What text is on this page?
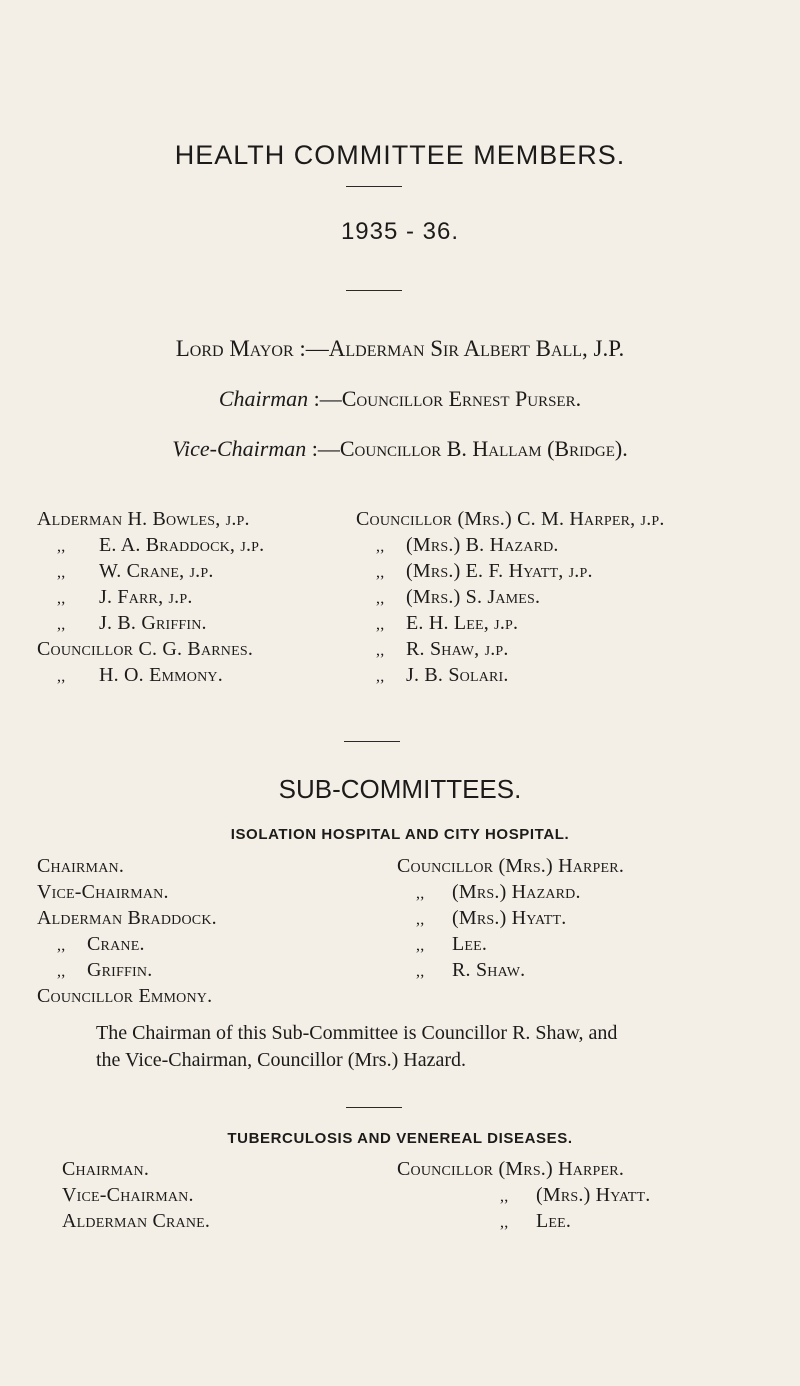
HEALTH COMMITTEE MEMBERS.
1935 - 36.
Lord Mayor :—Alderman Sir Albert Ball, J.P.
Chairman :—Councillor Ernest Purser.
Vice-Chairman :—Councillor B. Hallam (Bridge).
Alderman H. Bowles, j.p.
,, E. A. Braddock, j.p.
,, W. Crane, j.p.
,, J. Farr, j.p.
,, J. B. Griffin.
Councillor C. G. Barnes.
,, H. O. Emmony.
Councillor (Mrs.) C. M. Harper, j.p.
,, (Mrs.) B. Hazard.
,, (Mrs.) E. F. Hyatt, j.p.
,, (Mrs.) S. James.
,, E. H. Lee, j.p.
,, R. Shaw, j.p.
,, J. B. Solari.
SUB-COMMITTEES.
ISOLATION HOSPITAL AND CITY HOSPITAL.
Chairman.
Vice-Chairman.
Alderman Braddock.
,, Crane.
,, Griffin.
Councillor Emmony.
Councillor (Mrs.) Harper.
,, (Mrs.) Hazard.
,, (Mrs.) Hyatt.
,, Lee.
,, R. Shaw.
The Chairman of this Sub-Committee is Councillor R. Shaw, and
the Vice-Chairman, Councillor (Mrs.) Hazard.
TUBERCULOSIS AND VENEREAL DISEASES.
Chairman.
Vice-Chairman.
Alderman Crane.
Councillor (Mrs.) Harper.
,, (Mrs.) Hyatt.
,, Lee.
